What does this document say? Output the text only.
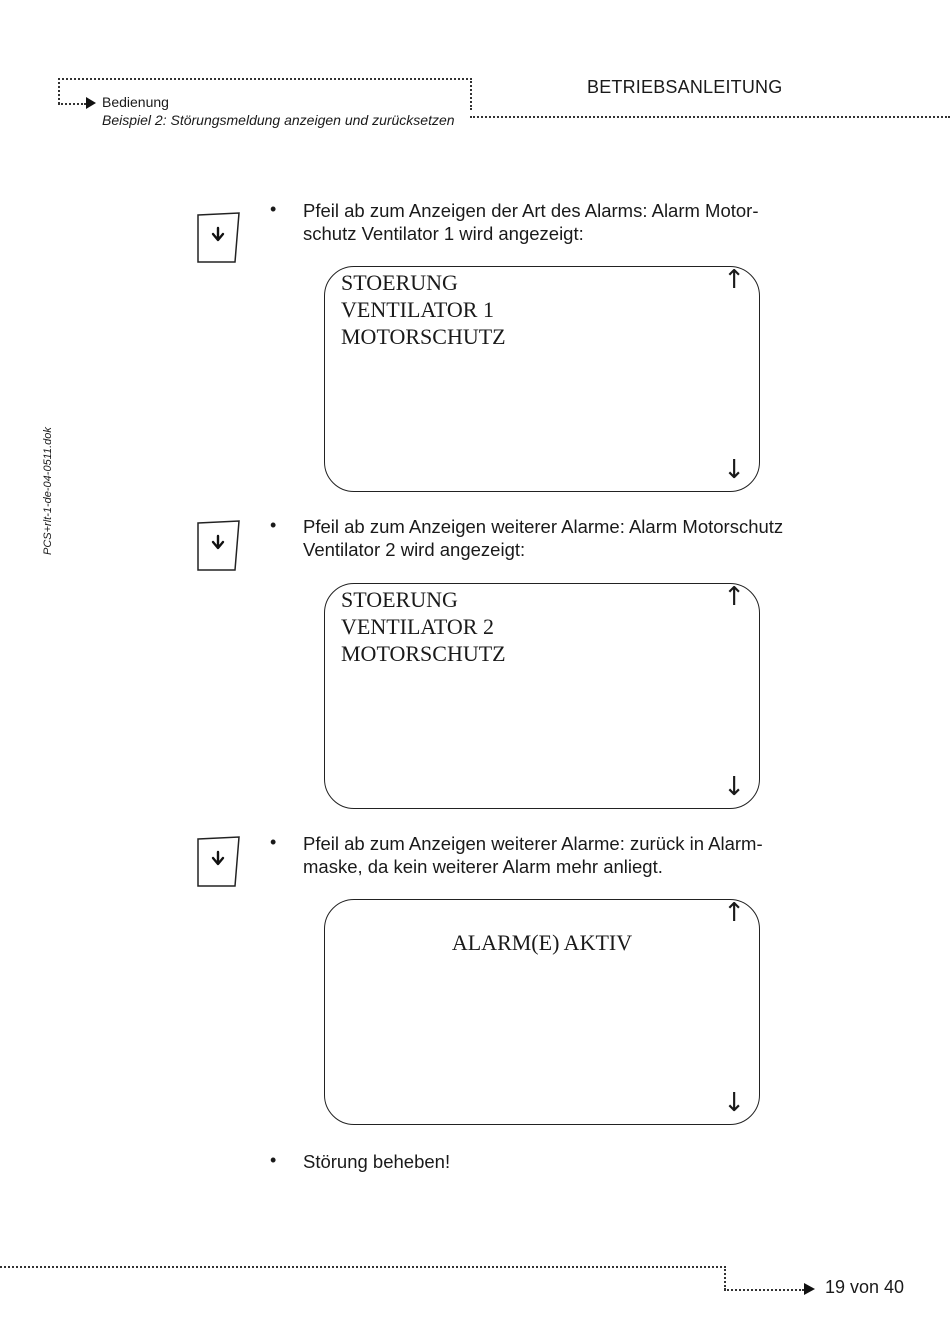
Bedienung
Beispiel 2: Störungsmeldung anzeigen und zurücksetzen
BETRIEBSANLEITUNG
PCS+rlt-1-de-04-0511.dok
• Pfeil ab zum Anzeigen der Art des Alarms: Alarm Motor-
schutz Ventilator 1 wird angezeigt:
STOERUNG
VENTILATOR 1
MOTORSCHUTZ
↑
↓
• Pfeil ab zum Anzeigen weiterer Alarme: Alarm Motorschutz
Ventilator 2 wird angezeigt:
STOERUNG
VENTILATOR 2
MOTORSCHUTZ
↑
↓
• Pfeil ab zum Anzeigen weiterer Alarme: zurück in Alarm-
maske, da kein weiterer Alarm mehr anliegt.
ALARM(E) AKTIV
↑
↓
• Störung beheben!
19 von 40
